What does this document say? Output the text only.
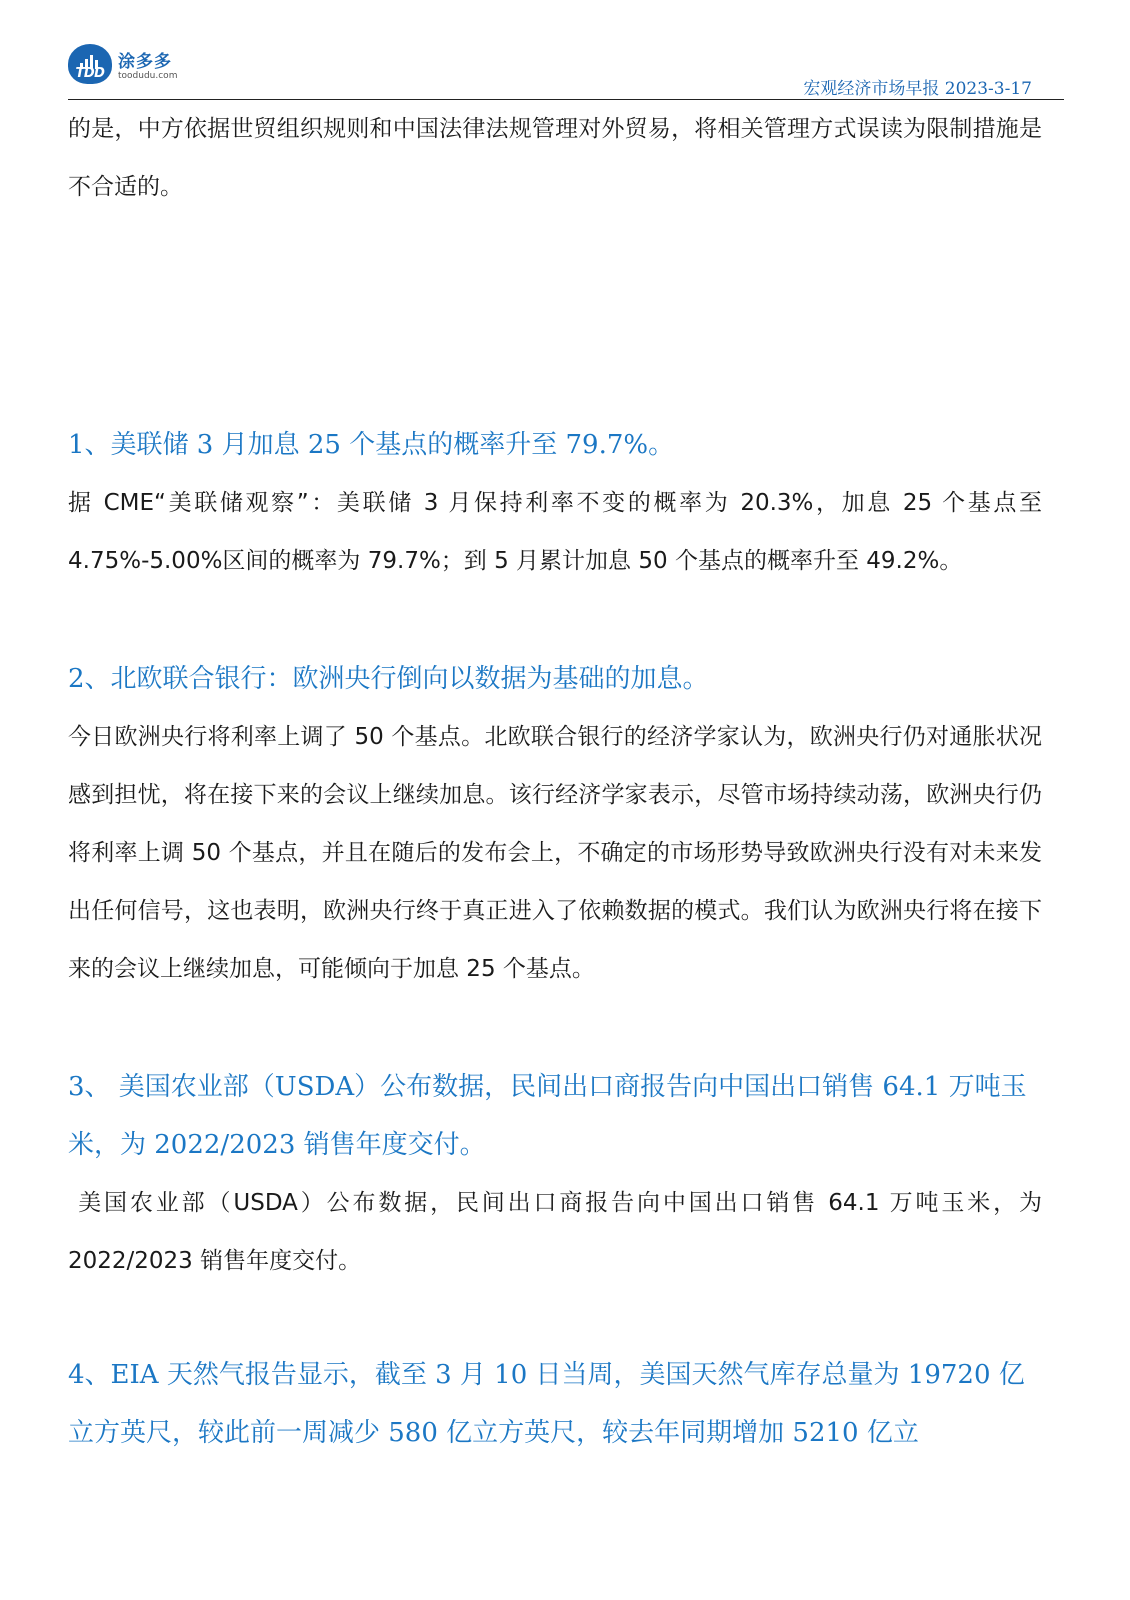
TDD
涂多多
toodudu.com
宏观经济市场早报 2023-3-17

的是，中方依据世贸组织规则和中国法律法规管理对外贸易，将相关管理方式误读为限制措施是不合适的。

1、美联储 3 月加息 25 个基点的概率升至 79.7%。

据 CME“美联储观察”：美联储 3 月保持利率不变的概率为 20.3%，加息 25 个基点至 4.75%-5.00%区间的概率为 79.7%；到 5 月累计加息 50 个基点的概率升至 49.2%。

2、北欧联合银行：欧洲央行倒向以数据为基础的加息。

今日欧洲央行将利率上调了 50 个基点。北欧联合银行的经济学家认为，欧洲央行仍对通胀状况感到担忧，将在接下来的会议上继续加息。该行经济学家表示，尽管市场持续动荡，欧洲央行仍将利率上调 50 个基点，并且在随后的发布会上，不确定的市场形势导致欧洲央行没有对未来发出任何信号，这也表明，欧洲央行终于真正进入了依赖数据的模式。我们认为欧洲央行将在接下来的会议上继续加息，可能倾向于加息 25 个基点。

3、 美国农业部（USDA）公布数据，民间出口商报告向中国出口销售 64.1 万吨玉米，为 2022/2023 销售年度交付。

美国农业部（USDA）公布数据，民间出口商报告向中国出口销售 64.1 万吨玉米，为 2022/2023 销售年度交付。

4、EIA 天然气报告显示，截至 3 月 10 日当周，美国天然气库存总量为 19720 亿立方英尺，较此前一周减少 580 亿立方英尺，较去年同期增加 5210 亿立
